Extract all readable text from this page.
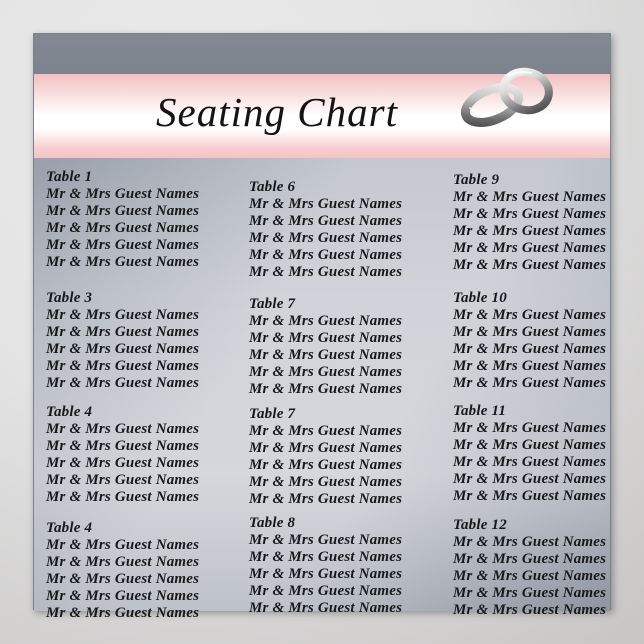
Seating Chart
Table 1
Mr & Mrs Guest Names
Mr & Mrs Guest Names
Mr & Mrs Guest Names
Mr & Mrs Guest Names
Mr & Mrs Guest Names
Table 6
Mr & Mrs Guest Names
Mr & Mrs Guest Names
Mr & Mrs Guest Names
Mr & Mrs Guest Names
Mr & Mrs Guest Names
Table 9
Mr & Mrs Guest Names
Mr & Mrs Guest Names
Mr & Mrs Guest Names
Mr & Mrs Guest Names
Mr & Mrs Guest Names
Table 3
Mr & Mrs Guest Names
Mr & Mrs Guest Names
Mr & Mrs Guest Names
Mr & Mrs Guest Names
Mr & Mrs Guest Names
Table 7
Mr & Mrs Guest Names
Mr & Mrs Guest Names
Mr & Mrs Guest Names
Mr & Mrs Guest Names
Mr & Mrs Guest Names
Table 10
Mr & Mrs Guest Names
Mr & Mrs Guest Names
Mr & Mrs Guest Names
Mr & Mrs Guest Names
Mr & Mrs Guest Names
Table 4
Mr & Mrs Guest Names
Mr & Mrs Guest Names
Mr & Mrs Guest Names
Mr & Mrs Guest Names
Mr & Mrs Guest Names
Table 7
Mr & Mrs Guest Names
Mr & Mrs Guest Names
Mr & Mrs Guest Names
Mr & Mrs Guest Names
Mr & Mrs Guest Names
Table 11
Mr & Mrs Guest Names
Mr & Mrs Guest Names
Mr & Mrs Guest Names
Mr & Mrs Guest Names
Mr & Mrs Guest Names
Table 4
Mr & Mrs Guest Names
Mr & Mrs Guest Names
Mr & Mrs Guest Names
Mr & Mrs Guest Names
Mr & Mrs Guest Names
Table 8
Mr & Mrs Guest Names
Mr & Mrs Guest Names
Mr & Mrs Guest Names
Mr & Mrs Guest Names
Mr & Mrs Guest Names
Table 12
Mr & Mrs Guest Names
Mr & Mrs Guest Names
Mr & Mrs Guest Names
Mr & Mrs Guest Names
Mr & Mrs Guest Names
